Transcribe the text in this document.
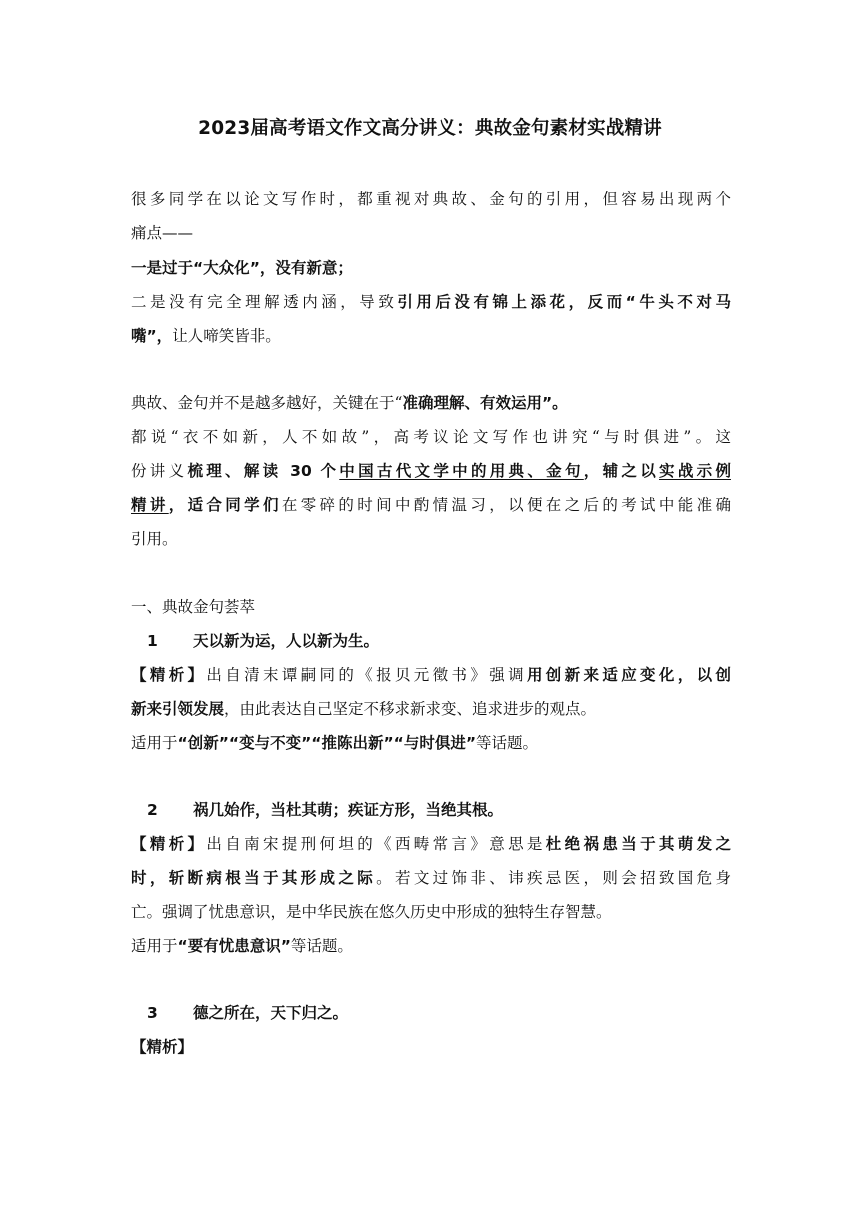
2023届高考语文作文高分讲义：典故金句素材实战精讲
很多同学在以论文写作时，都重视对典故、金句的引用，但容易出现两个
痛点——
一是过于“大众化”，没有新意；
二是没有完全理解透内涵，导致引用后没有锦上添花，反而“牛头不对马
嘴”，让人啼笑皆非。
典故、金句并不是越多越好，关键在于“准确理解、有效运用”。
都说“衣不如新，人不如故”，高考议论文写作也讲究“与时俱进”。这
份讲义梳理、解读 30 个中国古代文学中的用典、金句，辅之以实战示例
精讲，适合同学们在零碎的时间中酌情温习，以便在之后的考试中能准确
引用。
一、典故金句荟萃
1 天以新为运，人以新为生。
【精析】出自清末谭嗣同的《报贝元徵书》强调用创新来适应变化，以创
新来引领发展，由此表达自己坚定不移求新求变、追求进步的观点。
适用于“创新”“变与不变”“推陈出新”“与时俱进”等话题。
2 祸几始作，当杜其萌；疾证方形，当绝其根。
【精析】出自南宋提刑何坦的《西畴常言》意思是杜绝祸患当于其萌发之
时，斩断病根当于其形成之际。若文过饰非、讳疾忌医，则会招致国危身
亡。强调了忧患意识，是中华民族在悠久历史中形成的独特生存智慧。
适用于“要有忧患意识”等话题。
3 德之所在，天下归之。
【精析】
